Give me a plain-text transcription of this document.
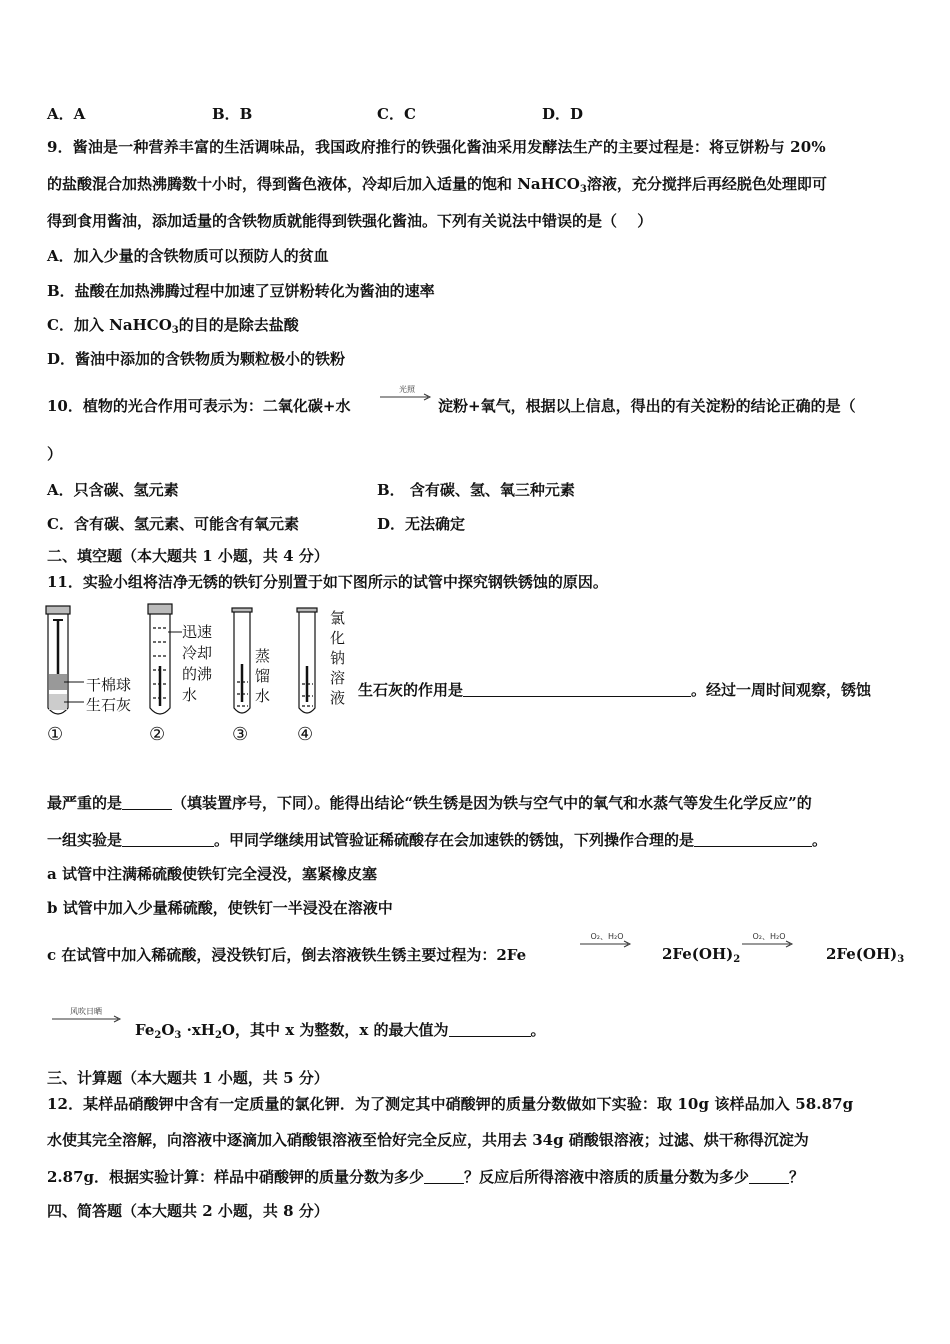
A．A	B．B	C．C	D．D
9．酱油是一种营养丰富的生活调味品，我国政府推行的铁强化酱油采用发酵法生产的主要过程是：将豆饼粉与 20%
的盐酸混合加热沸腾数十小时，得到酱色液体，冷却后加入适量的饱和 NaHCO$_3$溶液，充分搅拌后再经脱色处理即可
得到食用酱油，添加适量的含铁物质就能得到铁强化酱油。下列有关说法中错误的是（　 ）
A．加入少量的含铁物质可以预防人的贫血
B．盐酸在加热沸腾过程中加速了豆饼粉转化为酱油的速率
C．加入 NaHCO$_3$的目的是除去盐酸
D．酱油中添加的含铁物质为颗粒极小的铁粉
10．植物的光合作用可表示为：二氧化碳+水
光照
淀粉+氧气，根据以上信息，得出的有关淀粉的结论正确的是（
）
A．只含碳、氢元素	B． 含有碳、氢、氧三种元素
C．含有碳、氢元素、可能含有氧元素	D．无法确定
二、填空题（本大题共 1 小题，共 4 分）
11．实验小组将洁净无锈的铁钉分别置于如下图所示的试管中探究钢铁锈蚀的原因。
干棉球
生石灰
迅速
冷却
的沸
水
蒸
馏
水
氯
化
钠
溶
液
①	②	③	④
生石灰的作用是	。经过一周时间观察，锈蚀
最严重的是	（填装置序号，下同）。能得出结论“铁生锈是因为铁与空气中的氧气和水蒸气等发生化学反应”的
一组实验是	。甲同学继续用试管验证稀硫酸存在会加速铁的锈蚀，下列操作合理的是	。
a 试管中注满稀硫酸使铁钉完全浸没，塞紧橡皮塞
b 试管中加入少量稀硫酸，使铁钉一半浸没在溶液中
c 在试管中加入稀硫酸，浸没铁钉后，倒去溶液铁生锈主要过程为：2Fe
O₂、H₂O
$2Fe(OH)_2$
O₂、H₂O
$2Fe(OH)_3$
风吹日晒
$Fe_2O_3 \cdot xH_2O$，其中 x 为整数，x 的最大值为	。
三、计算题（本大题共 1 小题，共 5 分）
12．某样品硝酸钾中含有一定质量的氯化钾．为了测定其中硝酸钾的质量分数做如下实验：取 10g 该样品加入 58.87g
水使其完全溶解，向溶液中逐滴加入硝酸银溶液至恰好完全反应，共用去 34g 硝酸银溶液；过滤、烘干称得沉淀为
2.87g．根据实验计算：样品中硝酸钾的质量分数为多少	？反应后所得溶液中溶质的质量分数为多少	？
四、简答题（本大题共 2 小题，共 8 分）
